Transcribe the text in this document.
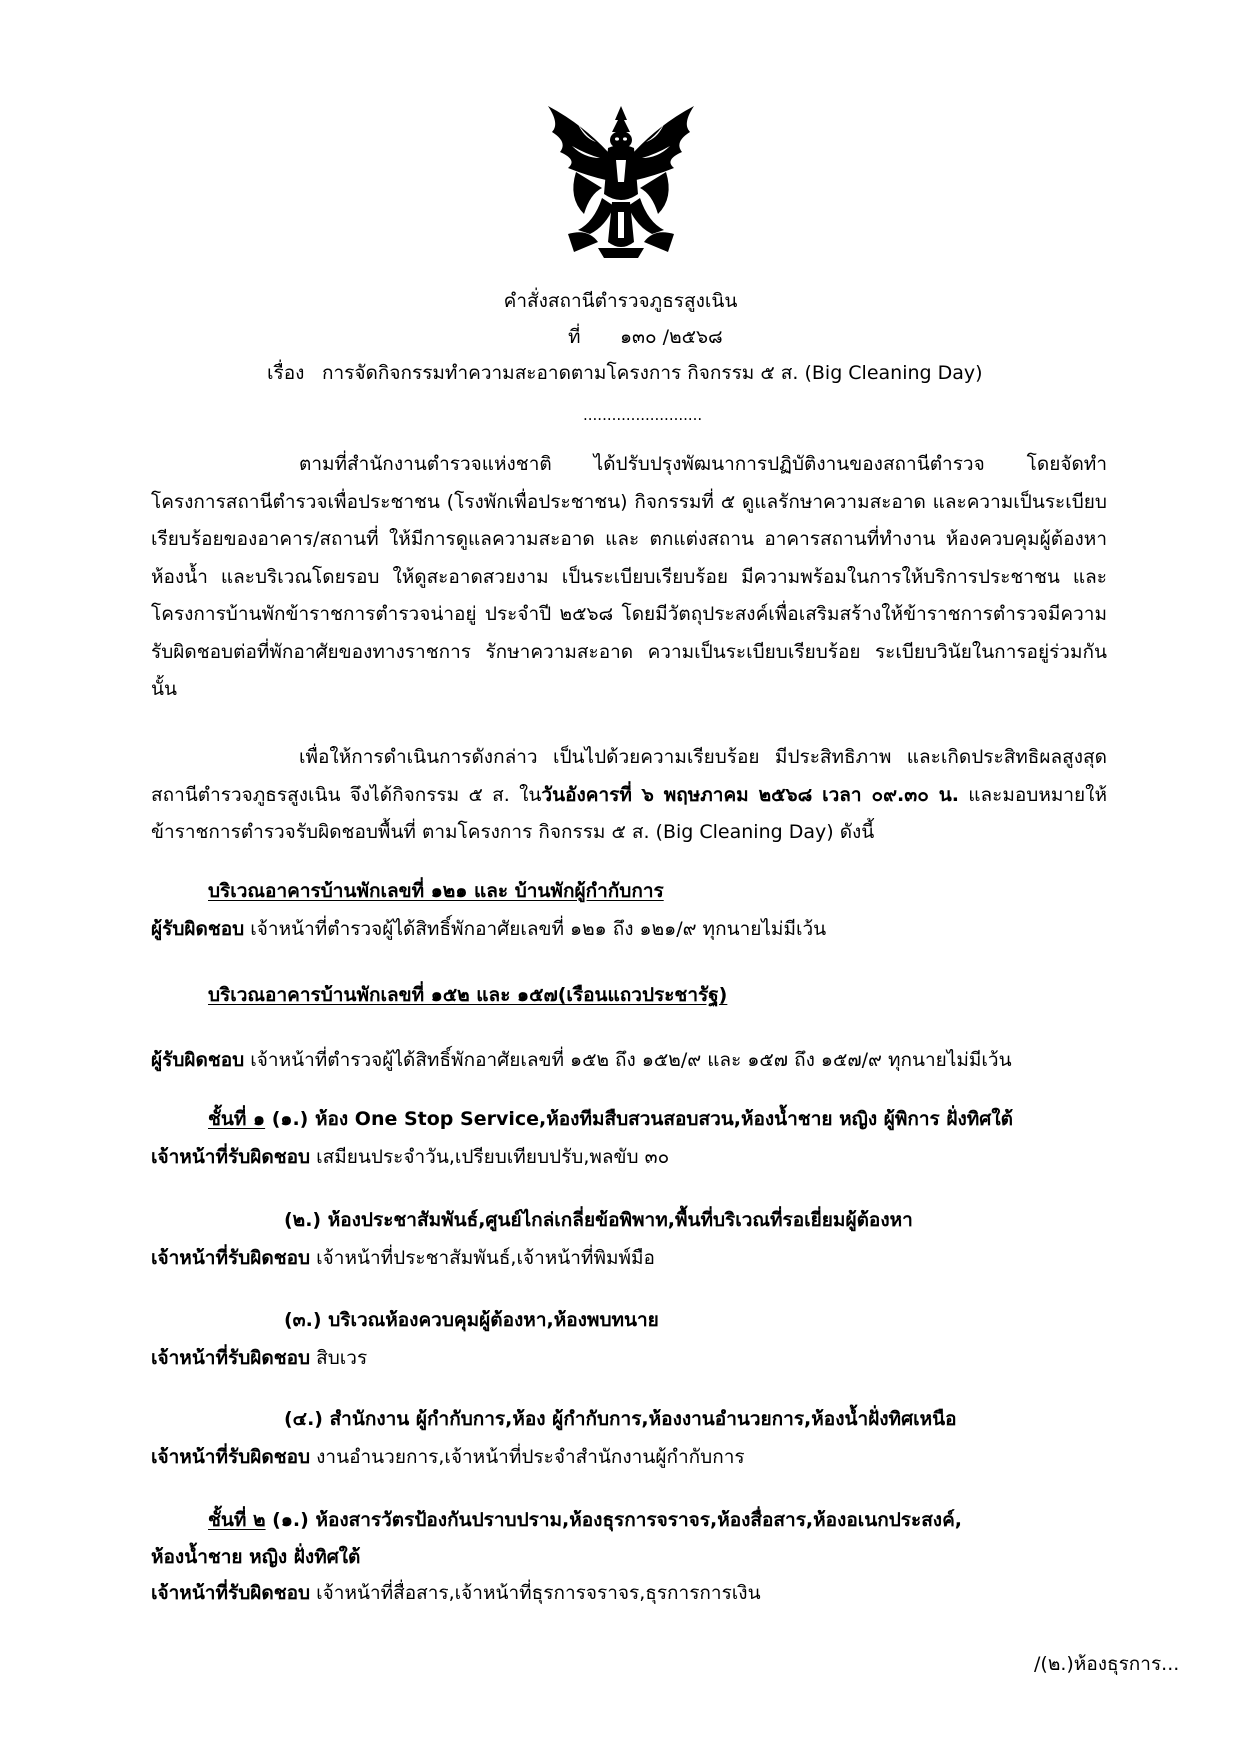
คำสั่งสถานีตำรวจภูธรสูงเนิน
ที่ ๑๓๐ /๒๕๖๘
เรื่อง การจัดกิจกรรมทำความสะอาดตามโครงการ กิจกรรม ๕ ส. (Big Cleaning Day)
.........................
ตามที่สำนักงานตำรวจแห่งชาติ ได้ปรับปรุงพัฒนาการปฏิบัติงานของสถานีตำรวจ โดยจัดทำโครงการสถานีตำรวจเพื่อประชาชน (โรงพักเพื่อประชาชน) กิจกรรมที่ ๕ ดูแลรักษาความสะอาด และความเป็นระเบียบเรียบร้อยของอาคาร/สถานที่ ให้มีการดูแลความสะอาด และ ตกแต่งสถาน อาคารสถานที่ทำงาน ห้องควบคุมผู้ต้องหา ห้องน้ำ และบริเวณโดยรอบ ให้ดูสะอาดสวยงาม เป็นระเบียบเรียบร้อย มีความพร้อมในการให้บริการประชาชน และโครงการบ้านพักข้าราชการตำรวจน่าอยู่ ประจำปี ๒๕๖๘ โดยมีวัตถุประสงค์เพื่อเสริมสร้างให้ข้าราชการตำรวจมีความรับผิดชอบต่อที่พักอาศัยของทางราชการ รักษาความสะอาด ความเป็นระเบียบเรียบร้อย ระเบียบวินัยในการอยู่ร่วมกัน นั้น
เพื่อให้การดำเนินการดังกล่าว เป็นไปด้วยความเรียบร้อย มีประสิทธิภาพ และเกิดประสิทธิผลสูงสุด สถานีตำรวจภูธรสูงเนิน จึงได้กิจกรรม ๕ ส. ในวันอังคารที่ ๖ พฤษภาคม ๒๕๖๘ เวลา ๐๙.๓๐ น. และมอบหมายให้ข้าราชการตำรวจรับผิดชอบพื้นที่ ตามโครงการ กิจกรรม ๕ ส. (Big Cleaning Day) ดังนี้
บริเวณอาคารบ้านพักเลขที่ ๑๒๑ และ บ้านพักผู้กำกับการ
ผู้รับผิดชอบ เจ้าหน้าที่ตำรวจผู้ได้สิทธิ์พักอาศัยเลขที่ ๑๒๑ ถึง ๑๒๑/๙ ทุกนายไม่มีเว้น
บริเวณอาคารบ้านพักเลขที่ ๑๕๒ และ ๑๕๗(เรือนแถวประชารัฐ)
ผู้รับผิดชอบ เจ้าหน้าที่ตำรวจผู้ได้สิทธิ์พักอาศัยเลขที่ ๑๕๒ ถึง ๑๕๒/๙ และ ๑๕๗ ถึง ๑๕๗/๙ ทุกนายไม่มีเว้น
ชั้นที่ ๑ (๑.) ห้อง One Stop Service,ห้องทีมสืบสวนสอบสวน,ห้องน้ำชาย หญิง ผู้พิการ ฝั่งทิศใต้
เจ้าหน้าที่รับผิดชอบ เสมียนประจำวัน,เปรียบเทียบปรับ,พลขับ ๓๐
(๒.) ห้องประชาสัมพันธ์,ศูนย์ไกล่เกลี่ยข้อพิพาท,พื้นที่บริเวณที่รอเยี่ยมผู้ต้องหา
เจ้าหน้าที่รับผิดชอบ เจ้าหน้าที่ประชาสัมพันธ์,เจ้าหน้าที่พิมพ์มือ
(๓.) บริเวณห้องควบคุมผู้ต้องหา,ห้องพบทนาย
เจ้าหน้าที่รับผิดชอบ สิบเวร
(๔.) สำนักงาน ผู้กำกับการ,ห้อง ผู้กำกับการ,ห้องงานอำนวยการ,ห้องน้ำฝั่งทิศเหนือ
เจ้าหน้าที่รับผิดชอบ งานอำนวยการ,เจ้าหน้าที่ประจำสำนักงานผู้กำกับการ
ชั้นที่ ๒ (๑.) ห้องสารวัตรป้องกันปราบปราม,ห้องธุรการจราจร,ห้องสื่อสาร,ห้องอเนกประสงค์,
ห้องน้ำชาย หญิง ฝั่งทิศใต้
เจ้าหน้าที่รับผิดชอบ เจ้าหน้าที่สื่อสาร,เจ้าหน้าที่ธุรการจราจร,ธุรการการเงิน
/(๒.)ห้องธุรการ...
